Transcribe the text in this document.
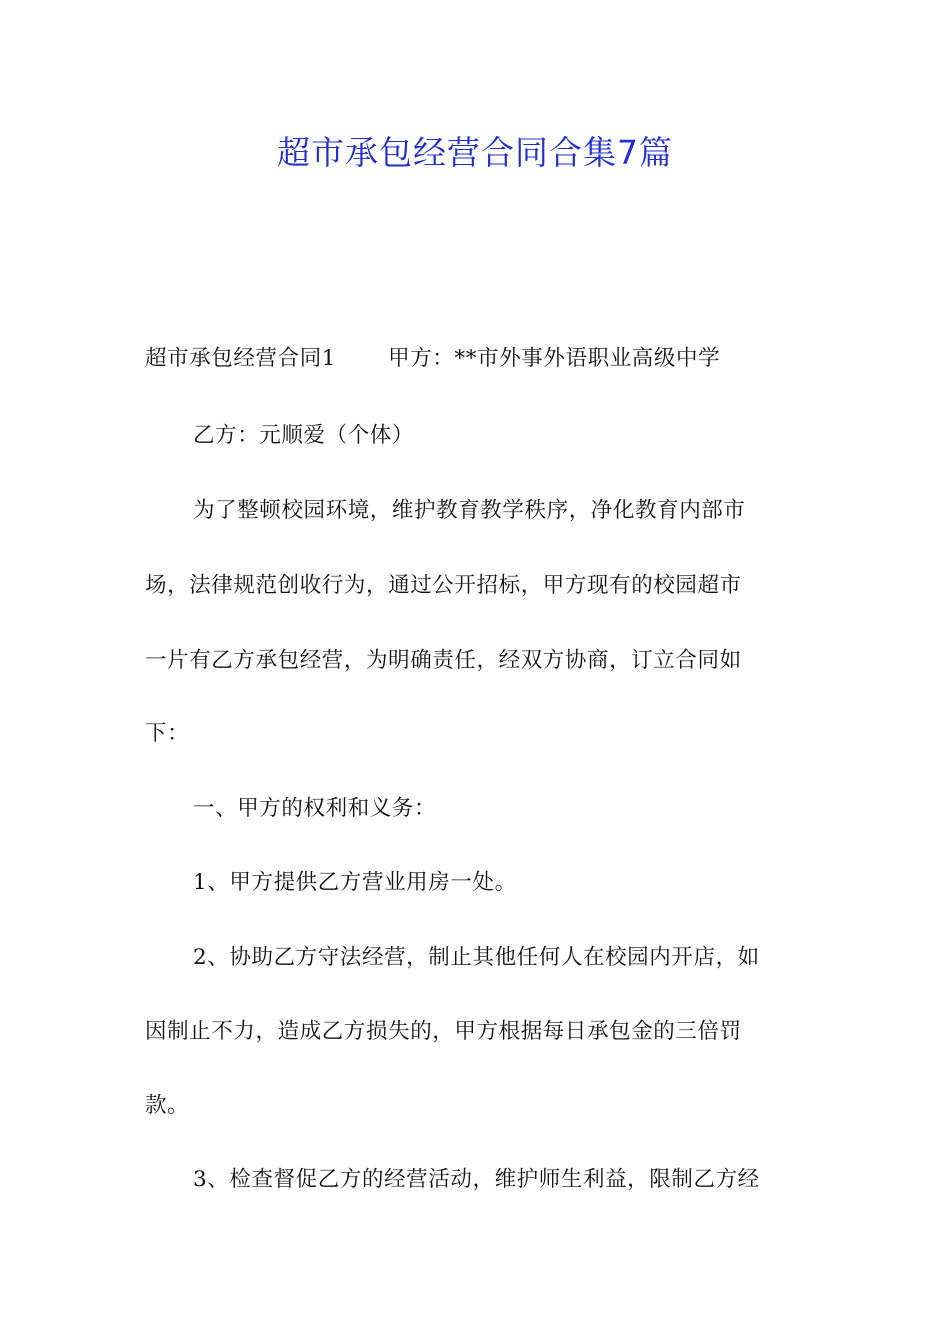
超市承包经营合同合集7篇
超市承包经营合同1 甲方：**市外事外语职业高级中学
乙方：元顺爱（个体）
为了整顿校园环境，维护教育教学秩序，净化教育内部市
场，法律规范创收行为，通过公开招标，甲方现有的校园超市
一片有乙方承包经营，为明确责任，经双方协商，订立合同如
下：
一、甲方的权利和义务：
1、甲方提供乙方营业用房一处。
2、协助乙方守法经营，制止其他任何人在校园内开店，如
因制止不力，造成乙方损失的，甲方根据每日承包金的三倍罚
款。
3、检查督促乙方的经营活动，维护师生利益，限制乙方经
